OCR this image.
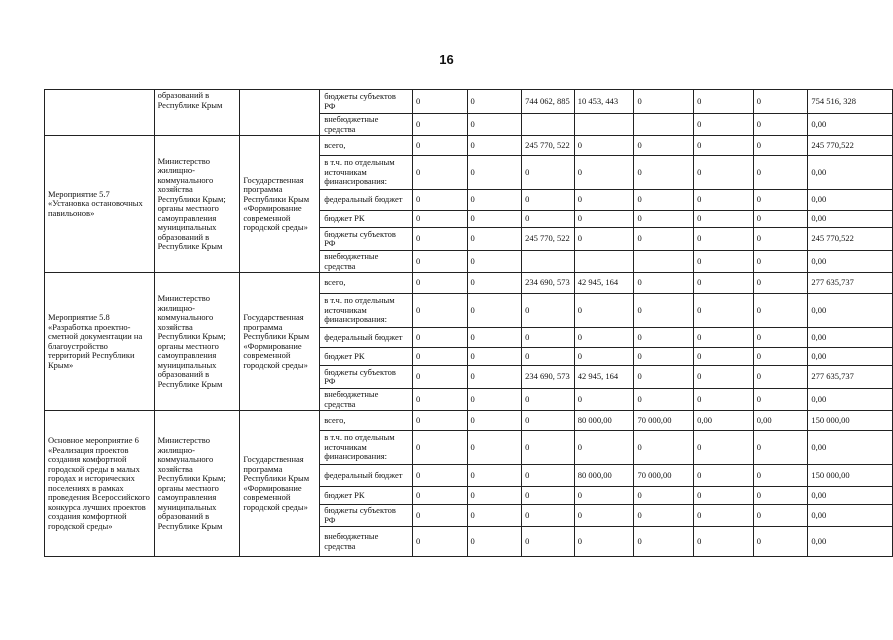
16
	образований в Республике Крым		бюджеты субъектов РФ	0	0	744 062, 885	10 453, 443	0	0	0	754 516, 328
			внебюджетные средства	0	0				0	0	0,00
Мероприятие 5.7 «Установка остановочных павильонов»	Министерство жилищно-коммунального хозяйства Республики Крым; органы местного самоуправления муниципальных образований в Республике Крым	Государственная программа Республики Крым «Формирование современной городской среды»	всего,	0	0	245 770, 522	0	0	0	0	245 770,522
			в т.ч. по отдельным источникам финансирования:	0	0	0	0	0	0	0	0,00
			федеральный бюджет	0	0	0	0	0	0	0	0,00
			бюджет РК	0	0	0	0	0	0	0	0,00
			бюджеты субъектов РФ	0	0	245 770, 522	0	0	0	0	245 770,522
			внебюджетные средства	0	0				0	0	0,00
Мероприятие 5.8 «Разработка проектно-сметной документации на благоустройство территорий Республики Крым»	Министерство жилищно-коммунального хозяйства Республики Крым; органы местного самоуправления муниципальных образований в Республике Крым	Государственная программа Республики Крым «Формирование современной городской среды»	всего,	0	0	234 690, 573	42 945, 164	0	0	0	277 635,737
			в т.ч. по отдельным источникам финансирования:	0	0	0	0	0	0	0	0,00
			федеральный бюджет	0	0	0	0	0	0	0	0,00
			бюджет РК	0	0	0	0	0	0	0	0,00
			бюджеты субъектов РФ	0	0	234 690, 573	42 945, 164	0	0	0	277 635,737
			внебюджетные средства	0	0	0	0	0	0	0	0,00
Основное мероприятие 6 «Реализация проектов создания комфортной городской среды в малых городах и исторических поселениях в рамках проведения Всероссийского конкурса лучших проектов создания комфортной городской среды»	Министерство жилищно-коммунального хозяйства Республики Крым; органы местного самоуправления муниципальных образований в Республике Крым	Государственная программа Республики Крым «Формирование современной городской среды»	всего,	0	0	0	80 000,00	70 000,00	0,00	0,00	150 000,00
			в т.ч. по отдельным источникам финансирования:	0	0	0	0	0	0	0	0,00
			федеральный бюджет	0	0	0	80 000,00	70 000,00	0	0	150 000,00
			бюджет РК	0	0	0	0	0	0	0	0,00
			бюджеты субъектов РФ	0	0	0	0	0	0	0	0,00
			внебюджетные средства	0	0	0	0	0	0	0	0,00
